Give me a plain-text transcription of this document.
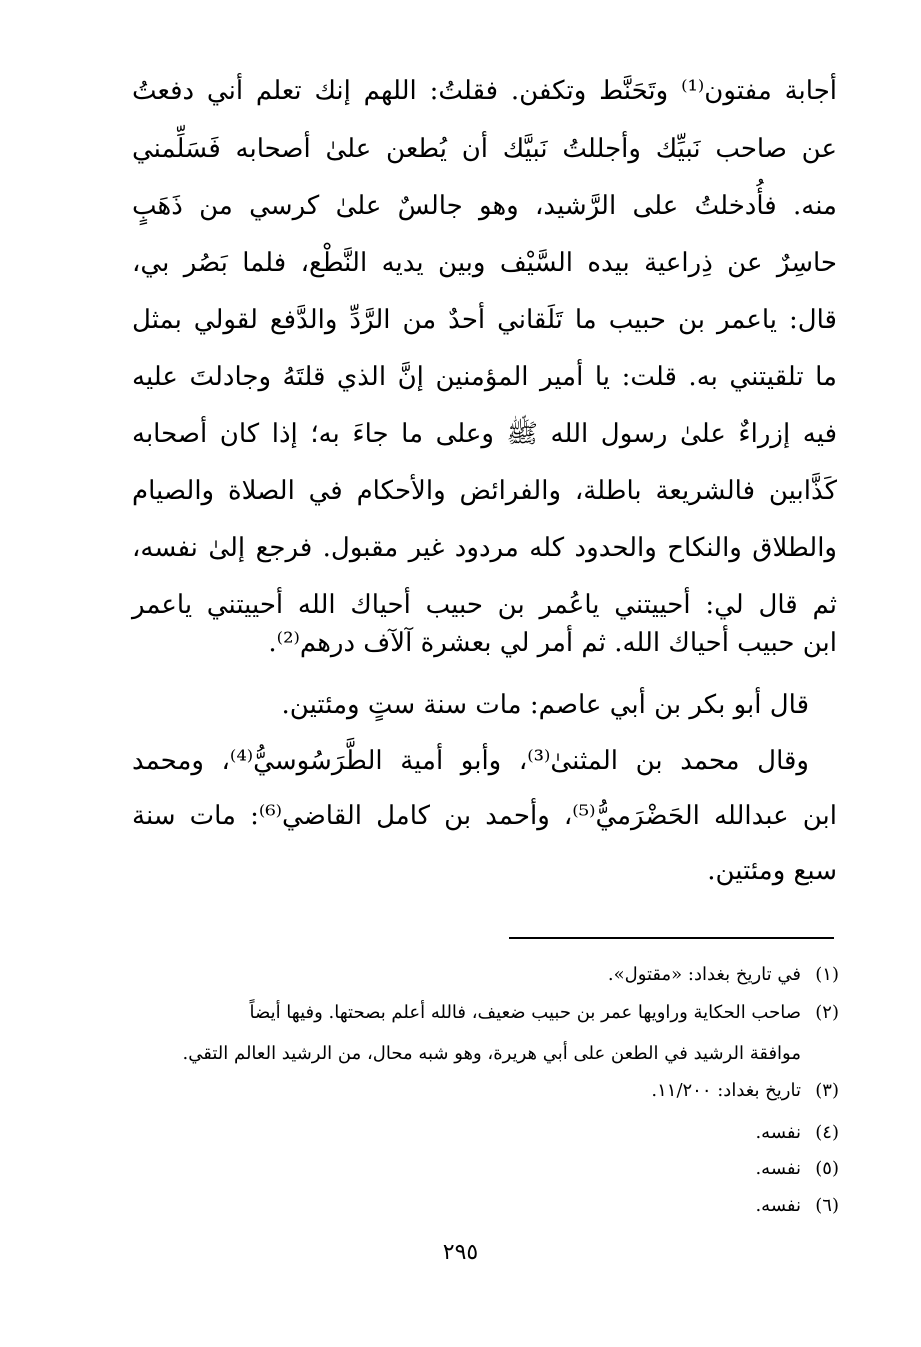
أجابة مفتون⁽¹⁾ وتَحَنَّط وتكفن. فقلتُ: اللهم إنك تعلم أني دفعتُ
عن صاحب نَبيِّك وأجللتُ نَبيَّك أن يُطعن علىٰ أصحابه فَسَلِّمني
منه. فأُدخلتُ على الرَّشيد، وهو جالسٌ علىٰ كرسي من ذَهَبٍ
حاسِرٌ عن ذِراعية بيده السَّيْف وبين يديه النَّطْع، فلما بَصُر بي،
قال: ياعمر بن حبيب ما تَلَقاني أحدٌ من الرَّدِّ والدَّفع لقولي بمثل
ما تلقيتني به. قلت: يا أمير المؤمنين إنَّ الذي قلتَهُ وجادلتَ عليه
فيه إزراءٌ علىٰ رسول الله ﷺ وعلى ما جاءَ به؛ إذا كان أصحابه
كَذَّابين فالشريعة باطلة، والفرائض والأحكام في الصلاة والصيام
والطلاق والنكاح والحدود كله مردود غير مقبول. فرجع إلىٰ نفسه،
ثم قال لي: أحييتني ياعُمر بن حبيب أحياك الله أحييتني ياعمر
ابن حبيب أحياك الله. ثم أمر لي بعشرة آلآف درهم⁽²⁾.
قال أبو بكر بن أبي عاصم: مات سنة ستٍ ومئتين.
وقال محمد بن المثنىٰ⁽³⁾، وأبو أمية الطَّرَسُوسيُّ⁽⁴⁾، ومحمد
ابن عبدالله الحَضْرَميُّ⁽⁵⁾، وأحمد بن كامل القاضي⁽⁶⁾: مات سنة
سبع ومئتين.
(١)
في تاريخ بغداد: «مقتول».
(٢)
صاحب الحكاية وراويها عمر بن حبيب ضعيف، فالله أعلم بصحتها. وفيها أيضاً
موافقة الرشيد في الطعن على أبي هريرة، وهو شبه محال، من الرشيد العالم التقي.
(٣)
تاريخ بغداد: ١١/٢٠٠.
(٤)
نفسه.
(٥)
نفسه.
(٦)
نفسه.
٢٩٥
